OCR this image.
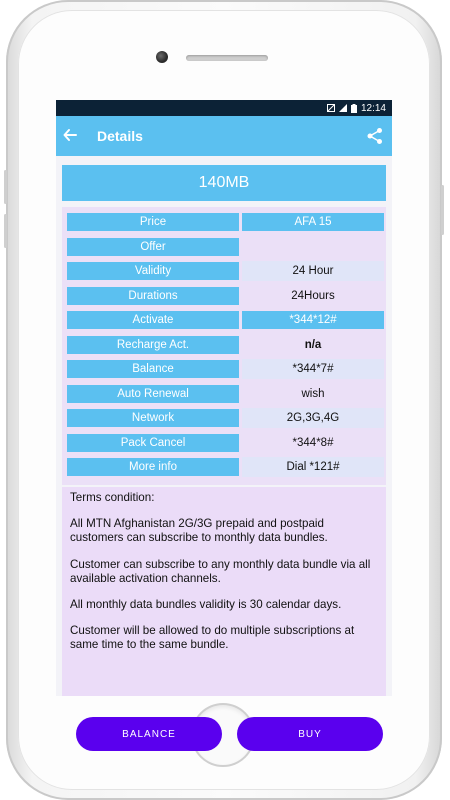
12:14
Details
140MB
Price	AFA 15
Offer
Validity	24 Hour
Durations	24Hours
Activate	*344*12#
Recharge Act.	n/a
Balance	*344*7#
Auto Renewal	wish
Network	2G,3G,4G
Pack Cancel	*344*8#
More info	Dial *121#

Terms condition:

All MTN Afghanistan 2G/3G prepaid and postpaid customers can subscribe to monthly data bundles.

Customer can subscribe to any monthly data bundle via all available activation channels.

All monthly data bundles validity is 30 calendar days.

Customer will be allowed to do multiple subscriptions at same time to the same bundle.

BALANCE	BUY
